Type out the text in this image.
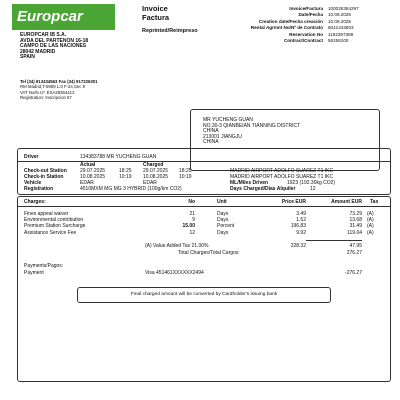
Europcar	Invoice
Factura
Reprinted/Reimpreso
Invoice/Factura 100026384297
Date/Fecha 10.08.2025
Creation date/Fecha creación 10.08.2025
Rental Agrmnt No/Nº de Contrato 6041443803
Reservation No 1192397388
Contract/Contract 56258100
EUROPCAR IB S.A.
AVDA DEL PARTENON 16-18
CAMPO DE LAS NACIONES
28042 MADRID
SPAIN
Tel (34) 913434563 Fax (34) 917226301
RM Madrid,T-5999 L.0 F-24,Sec 8
VAT No/N.I.F. ESA28364412
Registration: Inscripcion 57
MR YUCHENG GUAN
NO.30-3 QIANBEIAN TIANNING DISTRICT
CHINA
213001 JIANGJU
CHINA
Driver	134383788 MR YUCHENG GUAN
Actual	Charged
Check-out Station	29.07.2025	18:25 29.07.2025 18:25	MADRID AIRPORT ADOLFO SUAREZ T1 IKC
Check-in Station	10.08.2025	10:19 10.08.2025 10:19	MADRID AIRPORT ADOLFO SUAREZ T1 IKC
Vehicle	EDAR	EDAR
Registration	4510MXM MG MG 3 HYBRID (100g/km CO2)
ML/Miles Driven	1923 (192.30kg CO2)
Days Charged/Dias Alquiler	12
Charges:	No	Unit	Price EUR	Amount EUR Tax
Fines appeal waiver	21	Days	3.49	73.29 (A)
Environmental contribution	9	Days	1.52	13.68 (A)
Premium Station Surcharge	15.00	Percent	196.83	31.49 (A)
Assistance Service Fee	12	Days	9.92	119.04 (A)
(A) Value Added Tax 21.00%	228.32	47.95
Total Charges/Total Cargos:	276.27
Payments/Pagos:
Payment	Visa 451461XXXXXX2494	-276.27
Final charged amount will be converted by Cardholder's issuing bank
